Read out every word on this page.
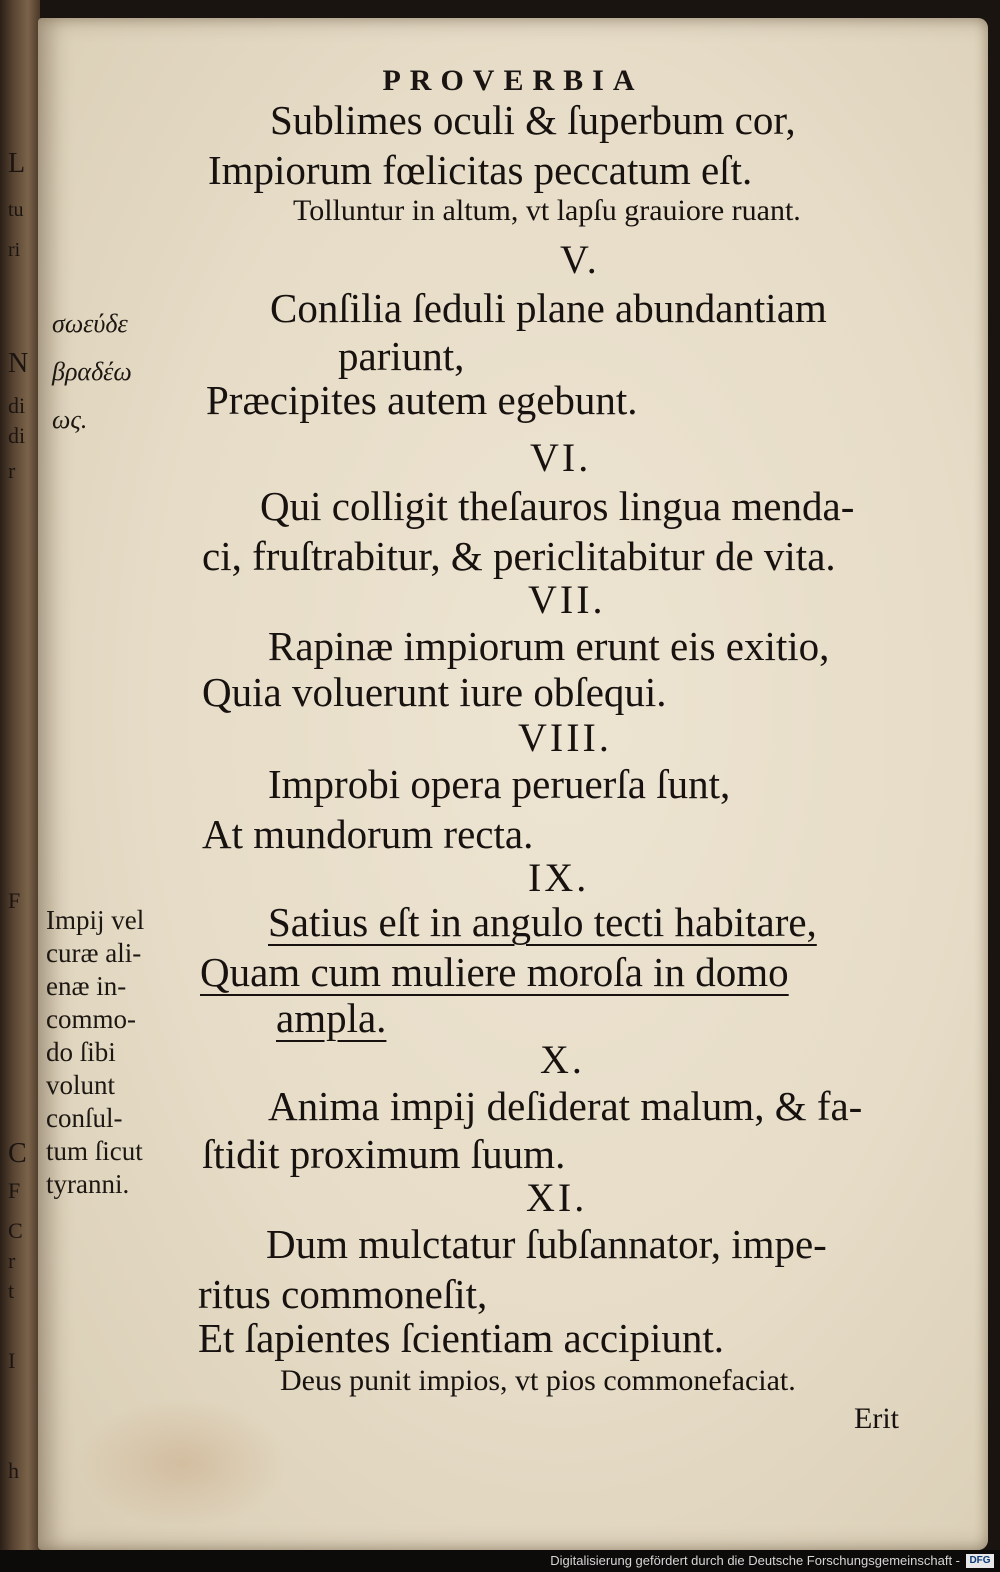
L
tu
ri
N
di
di
r
F
C
F
C
r
t
I
h
PROVERBIA
Sublimes oculi & ſuperbum cor,
Impiorum fœlicitas peccatum eſt.
Tolluntur in altum, vt lapſu grauiore ruant.
V.
Conſilia ſeduli plane abundantiam
pariunt,
Præcipites autem egebunt.
VI.
Qui colligit theſauros lingua menda-
ci, fruſtrabitur, & periclitabitur de vita.
VII.
Rapinæ impiorum erunt eis exitio,
Quia voluerunt iure obſequi.
VIII.
Improbi opera peruerſa ſunt,
At mundorum recta.
IX.
Satius eſt in angulo tecti habitare,
Quam cum muliere moroſa in domo
ampla.
X.
Anima impij deſiderat malum, & fa-
ſtidit proximum ſuum.
XI.
Dum mulctatur ſubſannator, impe-
ritus commoneſit,
Et ſapientes ſcientiam accipiunt.
Deus punit impios, vt pios commonefaciat.
Erit
σωεύδε
βραδέω
ως.
Impij vel
curæ ali-
enæ in-
commo-
do ſibi
volunt
conſul-
tum ſicut
tyranni.
Digitalisierung gefördert durch die Deutsche Forschungsgemeinschaft - DFG
